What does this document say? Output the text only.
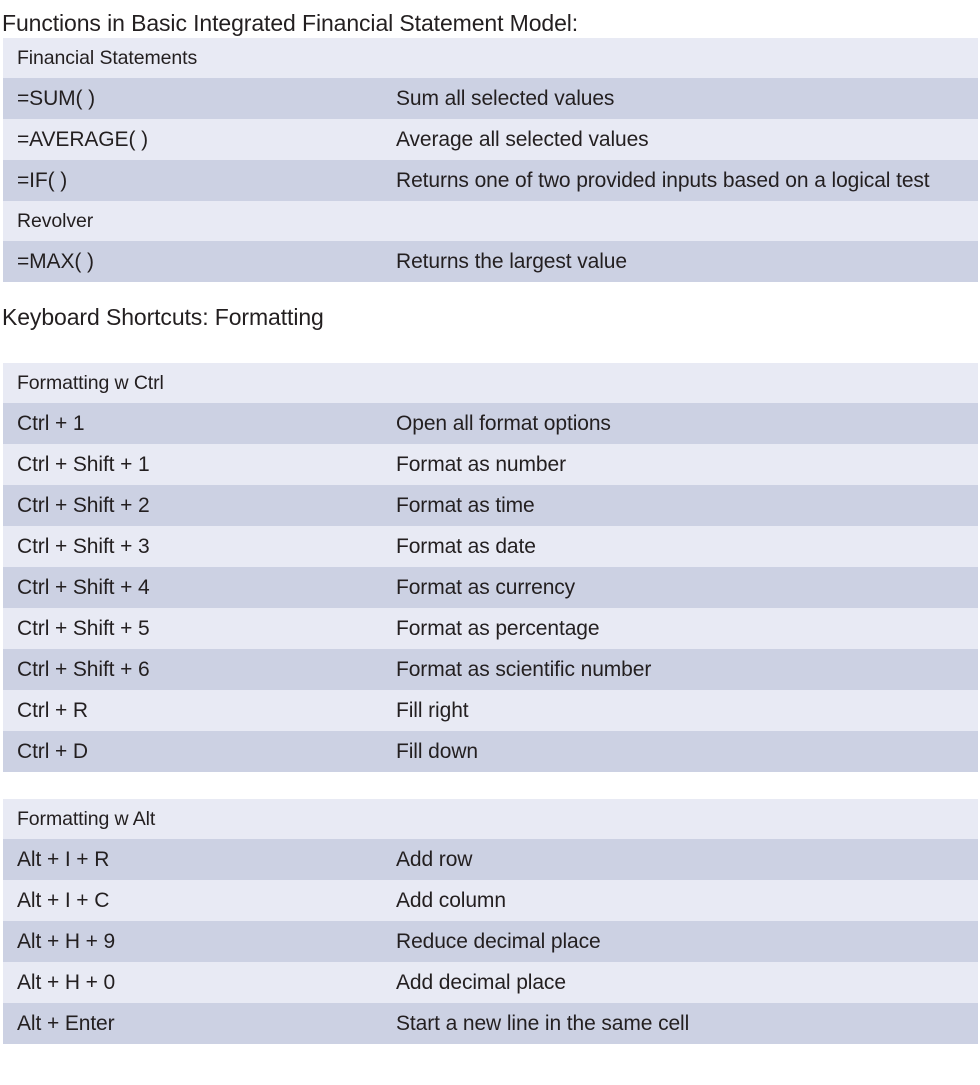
Functions in Basic Integrated Financial Statement Model:
Financial Statements	
=SUM( )	Sum all selected values
=AVERAGE( )	Average all selected values
=IF( )	Returns one of two provided inputs based on a logical test
Revolver	
=MAX( )	Returns the largest value
Keyboard Shortcuts: Formatting
Formatting w Ctrl	
Ctrl + 1	Open all format options
Ctrl + Shift + 1	Format as number
Ctrl + Shift + 2	Format as time
Ctrl + Shift + 3	Format as date
Ctrl + Shift + 4	Format as currency
Ctrl + Shift + 5	Format as percentage
Ctrl + Shift + 6	Format as scientific number
Ctrl + R	Fill right
Ctrl + D	Fill down
Formatting w Alt	
Alt + I + R	Add row
Alt + I + C	Add column
Alt + H + 9	Reduce decimal place
Alt + H + 0	Add decimal place
Alt + Enter	Start a new line in the same cell
